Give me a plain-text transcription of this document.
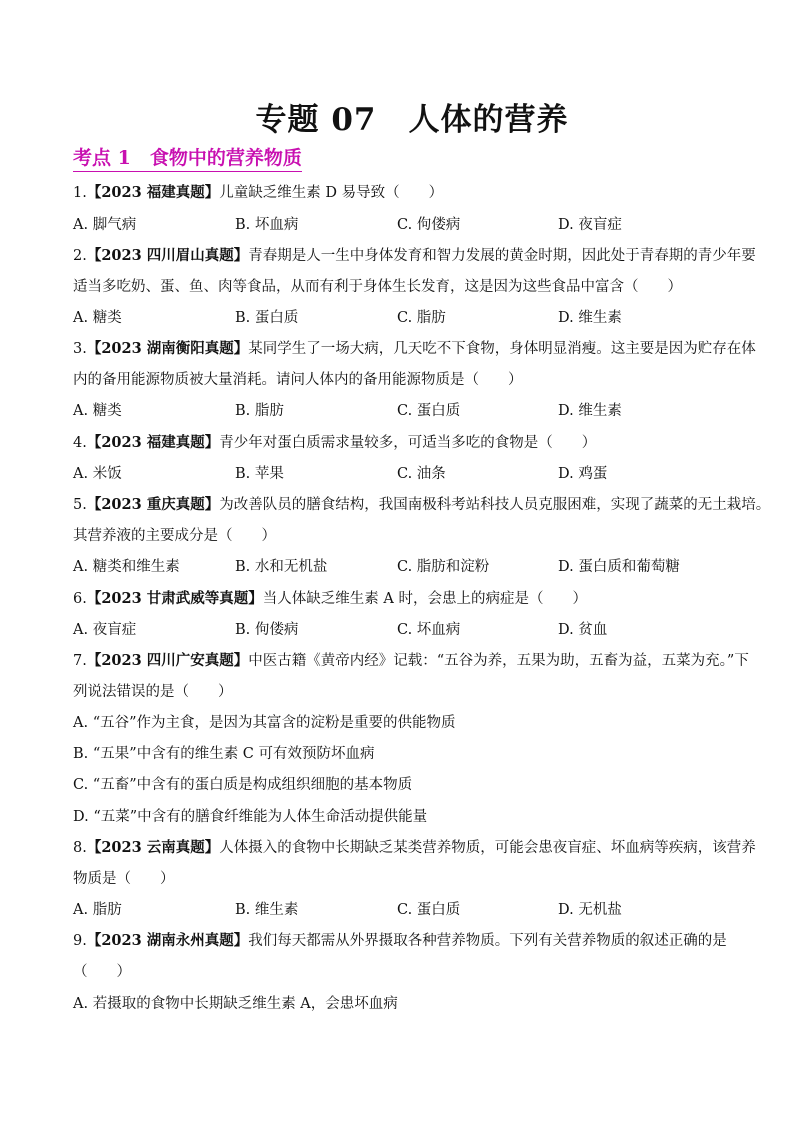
专题 07　人体的营养
考点 1　食物中的营养物质
1.【2023 福建真题】儿童缺乏维生素 D 易导致（　　）
A. 脚气病	B. 坏血病	C. 佝偻病	D. 夜盲症
2.【2023 四川眉山真题】青春期是人一生中身体发育和智力发展的黄金时期，因此处于青春期的青少年要
适当多吃奶、蛋、鱼、肉等食品，从而有利于身体生长发育，这是因为这些食品中富含（　　）
A. 糖类	B. 蛋白质	C. 脂肪	D. 维生素
3.【2023 湖南衡阳真题】某同学生了一场大病，几天吃不下食物，身体明显消瘦。这主要是因为贮存在体
内的备用能源物质被大量消耗。请问人体内的备用能源物质是（　　）
A. 糖类	B. 脂肪	C. 蛋白质	D. 维生素
4.【2023 福建真题】青少年对蛋白质需求量较多，可适当多吃的食物是（　　）
A. 米饭	B. 苹果	C. 油条	D. 鸡蛋
5.【2023 重庆真题】为改善队员的膳食结构，我国南极科考站科技人员克服困难，实现了蔬菜的无土栽培。
其营养液的主要成分是（　　）
A. 糖类和维生素	B. 水和无机盐	C. 脂肪和淀粉	D. 蛋白质和葡萄糖
6.【2023 甘肃武威等真题】当人体缺乏维生素 A 时，会患上的病症是（　　）
A. 夜盲症	B. 佝偻病	C. 坏血病	D. 贫血
7.【2023 四川广安真题】中医古籍《黄帝内经》记载：“五谷为养，五果为助，五畜为益，五菜为充。”下
列说法错误的是（　　）
A. “五谷”作为主食，是因为其富含的淀粉是重要的供能物质
B. “五果”中含有的维生素 C 可有效预防坏血病
C. “五畜”中含有的蛋白质是构成组织细胞的基本物质
D. “五菜”中含有的膳食纤维能为人体生命活动提供能量
8.【2023 云南真题】人体摄入的食物中长期缺乏某类营养物质，可能会患夜盲症、坏血病等疾病，该营养
物质是（　　）
A. 脂肪	B. 维生素	C. 蛋白质	D. 无机盐
9.【2023 湖南永州真题】我们每天都需从外界摄取各种营养物质。下列有关营养物质的叙述正确的是
（　　）
A. 若摄取的食物中长期缺乏维生素 A，会患坏血病
